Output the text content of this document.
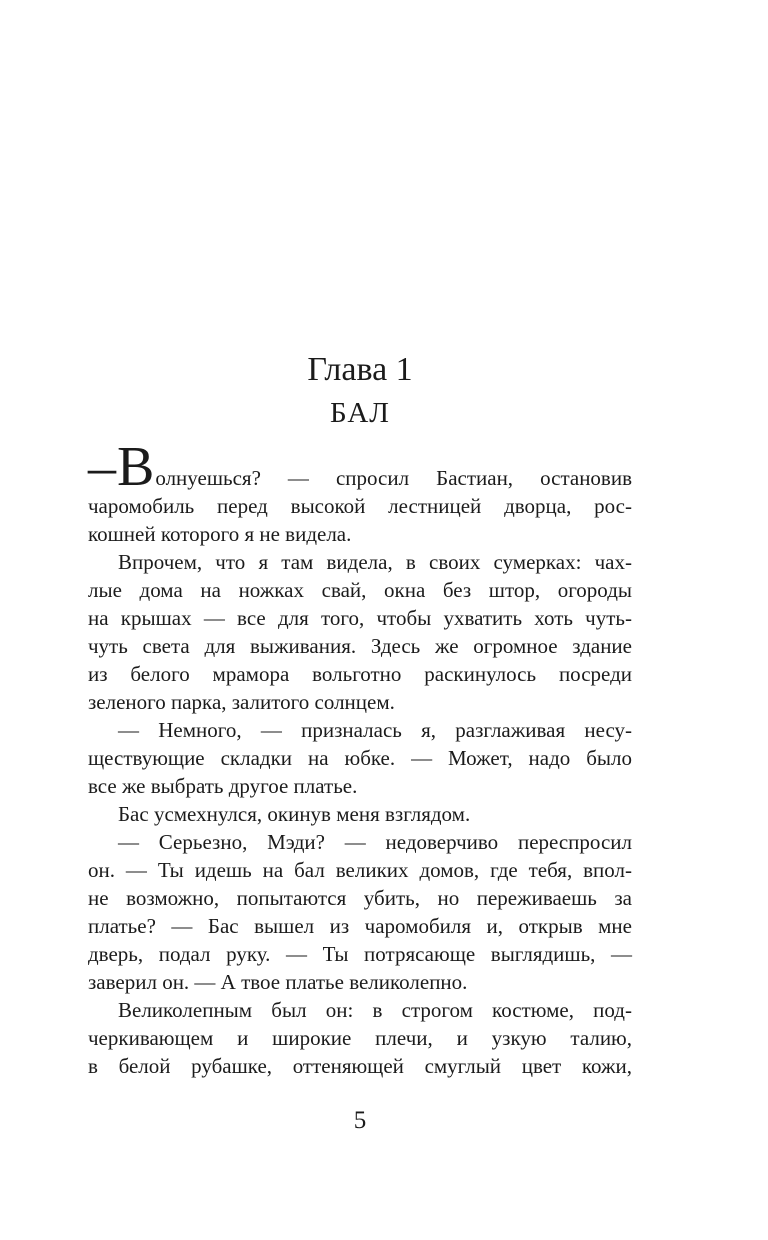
Глава 1
БАЛ
–Волнуешься? — спросил Бастиан, остановив
чаромобиль перед высокой лестницей дворца, рос-
кошней которого я не видела.
Впрочем, что я там видела, в своих сумерках: чах-
лые дома на ножках свай, окна без штор, огороды
на крышах — все для того, чтобы ухватить хоть чуть-
чуть света для выживания. Здесь же огромное здание
из белого мрамора вольготно раскинулось посреди
зеленого парка, залитого солнцем.
— Немного, — призналась я, разглаживая несу-
ществующие складки на юбке. — Может, надо было
все же выбрать другое платье.
Бас усмехнулся, окинув меня взглядом.
— Серьезно, Мэди? — недоверчиво переспросил
он. — Ты идешь на бал великих домов, где тебя, впол-
не возможно, попытаются убить, но переживаешь за
платье? — Бас вышел из чаромобиля и, открыв мне
дверь, подал руку. — Ты потрясающе выглядишь, —
заверил он. — А твое платье великолепно.
Великолепным был он: в строгом костюме, под-
черкивающем и широкие плечи, и узкую талию,
в белой рубашке, оттеняющей смуглый цвет кожи,
5
